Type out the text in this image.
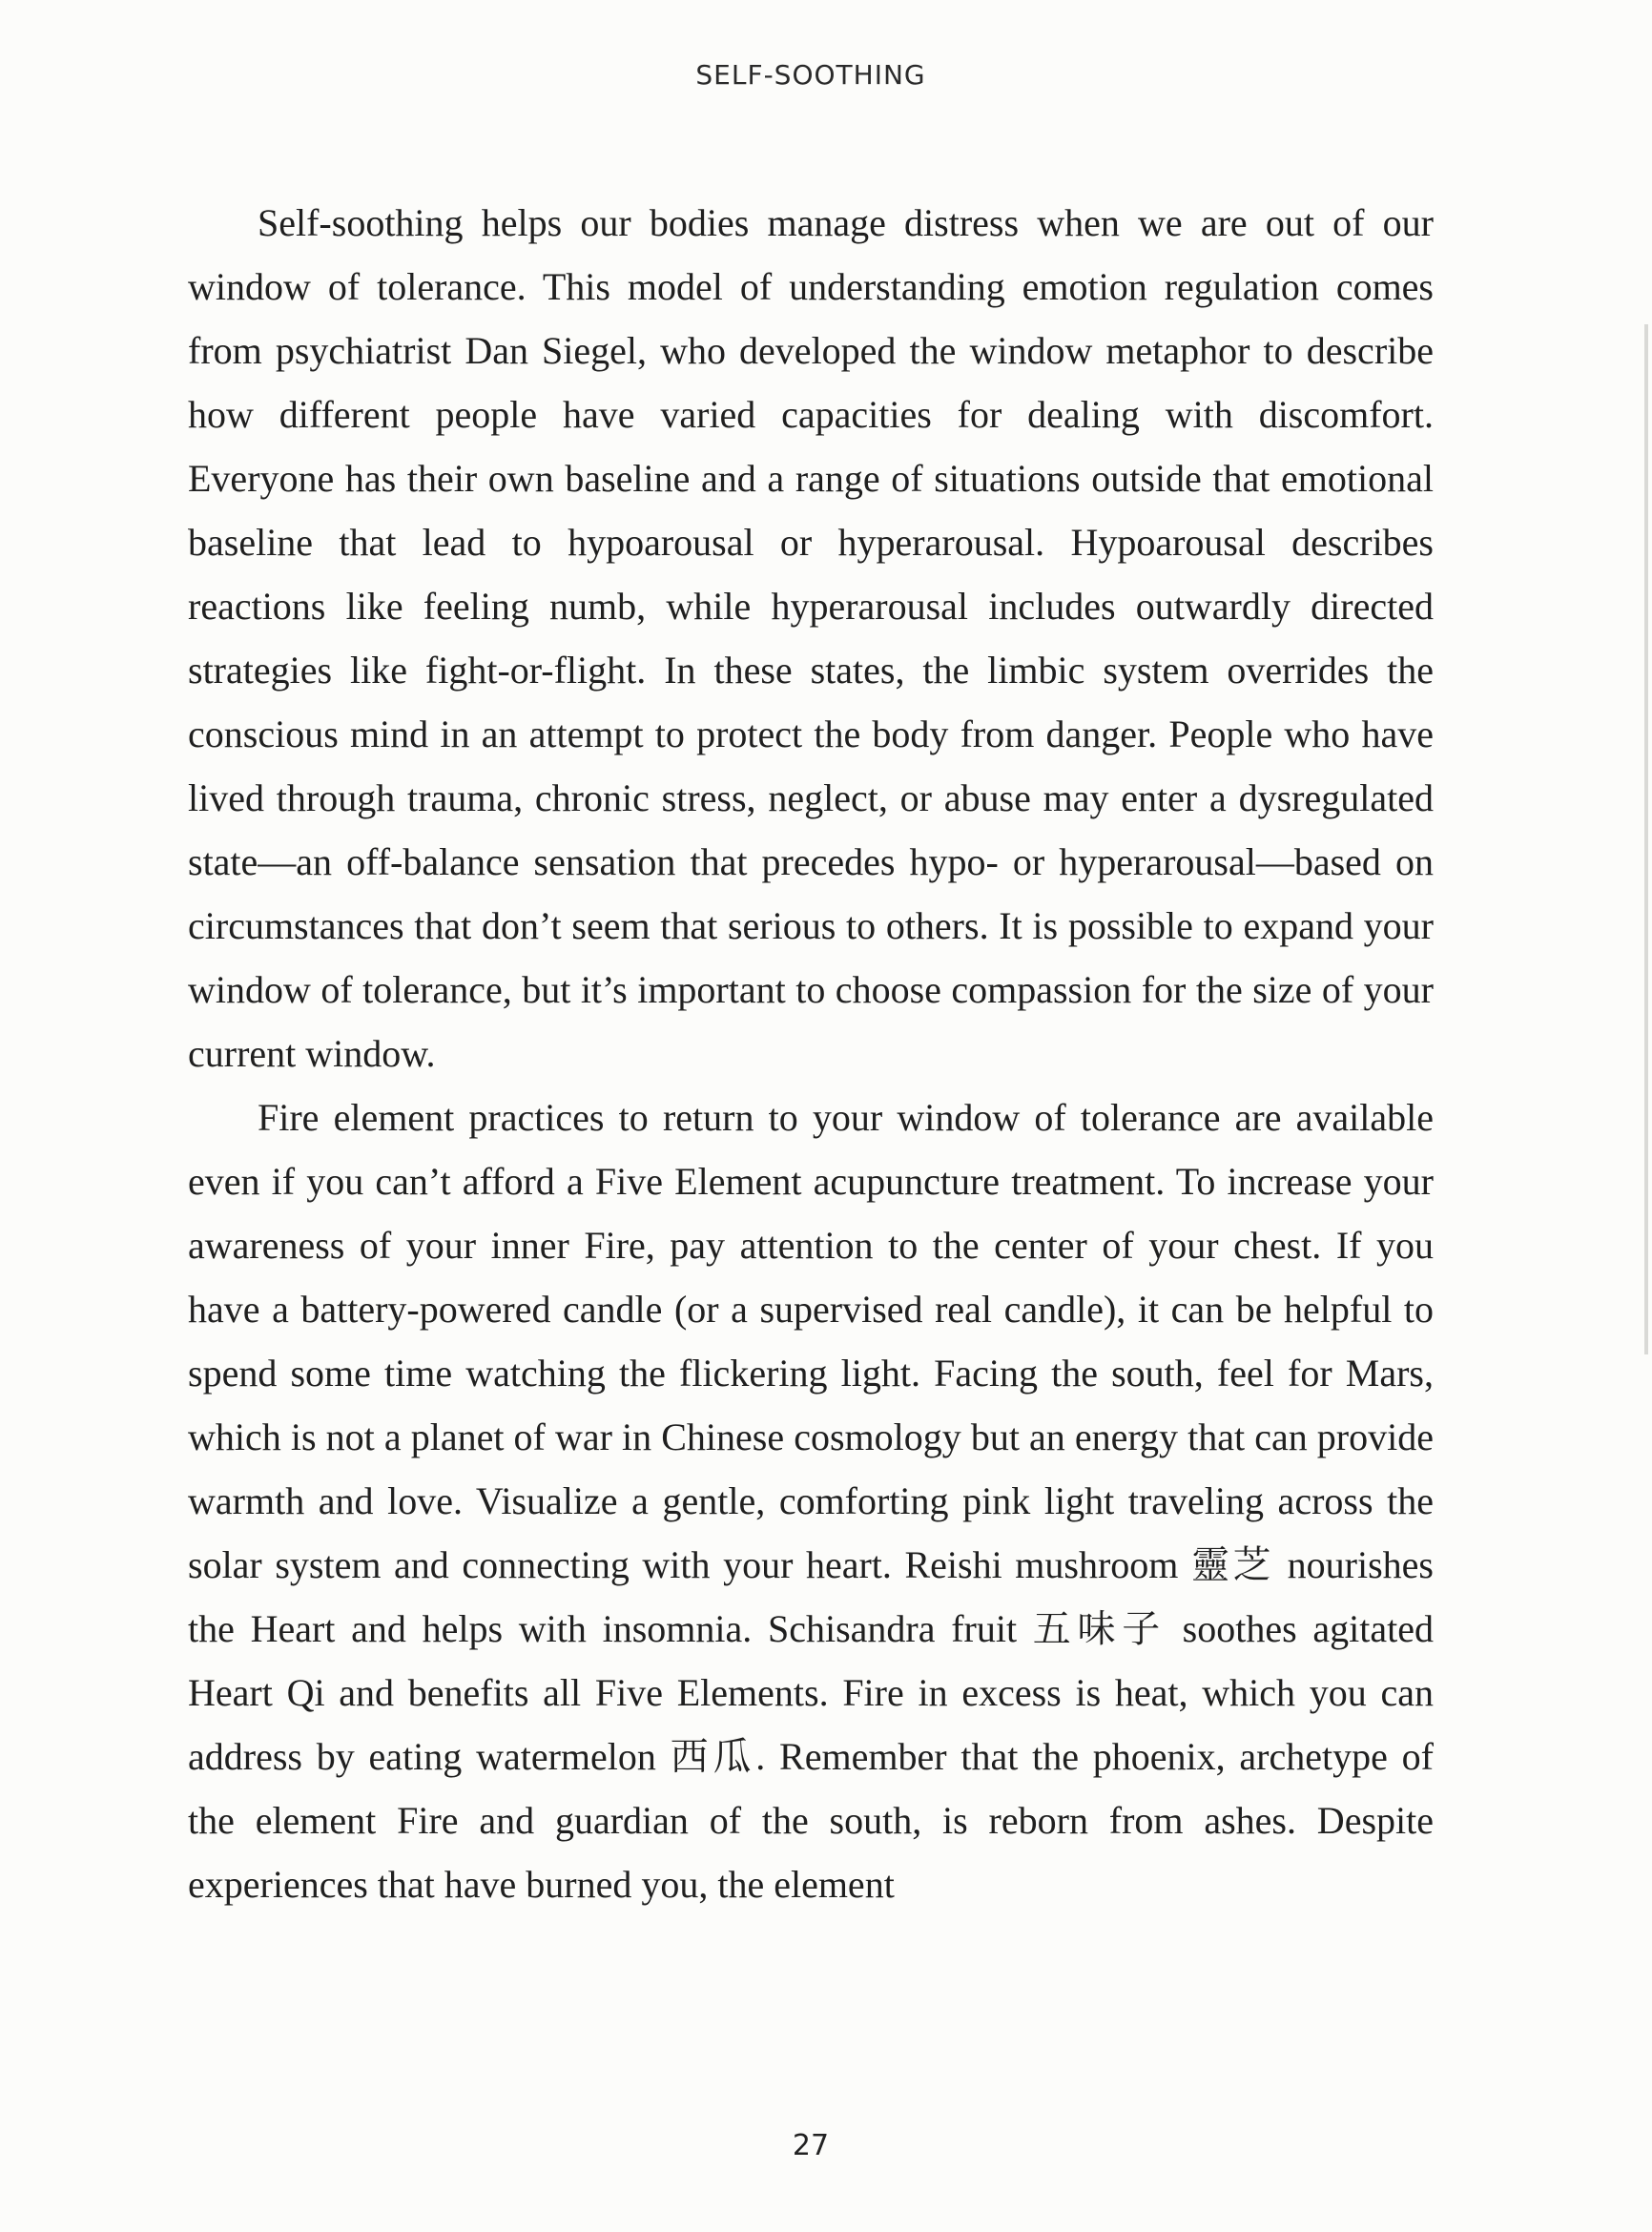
SELF-SOOTHING

Self-soothing helps our bodies manage distress when we are out of our window of tolerance. This model of understanding emotion regulation comes from psychiatrist Dan Siegel, who developed the window metaphor to describe how different people have varied capacities for dealing with discomfort. Everyone has their own baseline and a range of situations outside that emotional baseline that lead to hypoarousal or hyperarousal. Hypoarousal describes reactions like feeling numb, while hyperarousal includes outwardly directed strategies like fight-or-flight. In these states, the limbic system overrides the conscious mind in an attempt to protect the body from danger. People who have lived through trauma, chronic stress, neglect, or abuse may enter a dysregulated state—an off-balance sensation that precedes hypo- or hyperarousal—based on circumstances that don’t seem that serious to others. It is possible to expand your window of tolerance, but it’s important to choose compassion for the size of your current window.

Fire element practices to return to your window of tolerance are available even if you can’t afford a Five Element acupuncture treatment. To increase your awareness of your inner Fire, pay attention to the center of your chest. If you have a battery-powered candle (or a supervised real candle), it can be helpful to spend some time watching the flickering light. Facing the south, feel for Mars, which is not a planet of war in Chinese cosmology but an energy that can provide warmth and love. Visualize a gentle, comforting pink light traveling across the solar system and connecting with your heart. Reishi mushroom 靈芝 nourishes the Heart and helps with insomnia. Schisandra fruit 五味子 soothes agitated Heart Qi and benefits all Five Elements. Fire in excess is heat, which you can address by eating watermelon 西瓜. Remember that the phoenix, archetype of the element Fire and guardian of the south, is reborn from ashes. Despite experiences that have burned you, the element

27
